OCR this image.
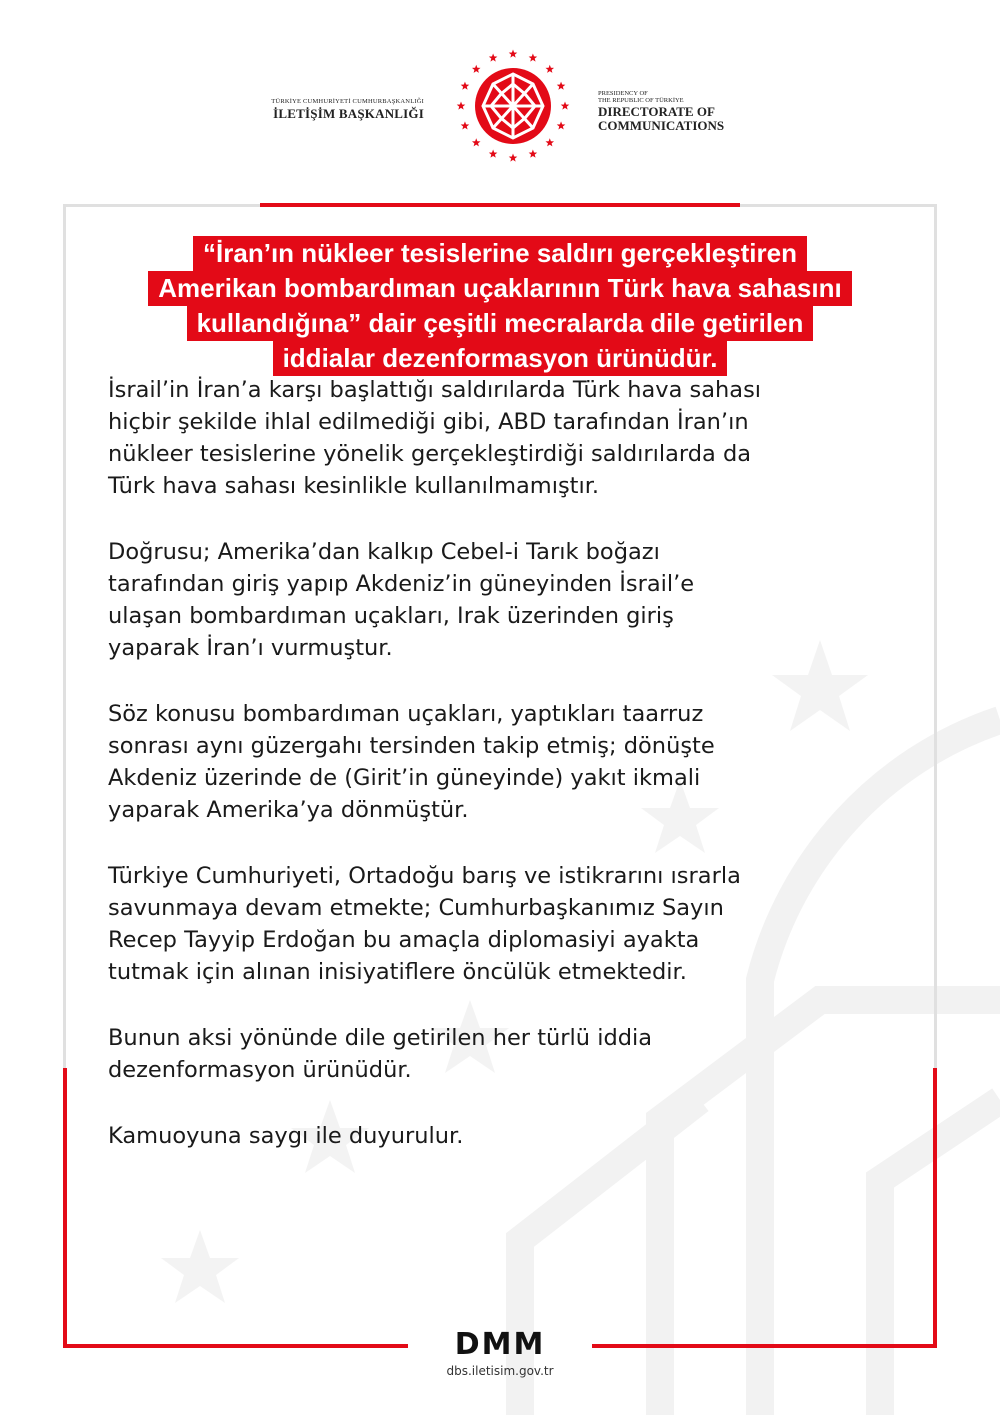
TÜRKİYE CUMHURİYETİ CUMHURBAŞKANLIĞI
İLETİŞİM BAŞKANLIĞI
PRESIDENCY OF
THE REPUBLIC OF TÜRKİYE
DIRECTORATE OF
COMMUNICATIONS
“İran’ın nükleer tesislerine saldırı gerçekleştiren
Amerikan bombardıman uçaklarının Türk hava sahasını
kullandığına” dair çeşitli mecralarda dile getirilen
iddialar dezenformasyon ürünüdür.

İsrail’in İran’a karşı başlattığı saldırılarda Türk hava sahası
hiçbir şekilde ihlal edilmediği gibi, ABD tarafından İran’ın
nükleer tesislerine yönelik gerçekleştirdiği saldırılarda da
Türk hava sahası kesinlikle kullanılmamıştır.

Doğrusu; Amerika’dan kalkıp Cebel-i Tarık boğazı
tarafından giriş yapıp Akdeniz’in güneyinden İsrail’e
ulaşan bombardıman uçakları, Irak üzerinden giriş
yaparak İran’ı vurmuştur.

Söz konusu bombardıman uçakları, yaptıkları taarruz
sonrası aynı güzergahı tersinden takip etmiş; dönüşte
Akdeniz üzerinde de (Girit’in güneyinde) yakıt ikmali
yaparak Amerika’ya dönmüştür.

Türkiye Cumhuriyeti, Ortadoğu barış ve istikrarını ısrarla
savunmaya devam etmekte; Cumhurbaşkanımız Sayın
Recep Tayyip Erdoğan bu amaçla diplomasiyi ayakta
tutmak için alınan inisiyatiflere öncülük etmektedir.

Bunun aksi yönünde dile getirilen her türlü iddia
dezenformasyon ürünüdür.

Kamuoyuna saygı ile duyurulur.

DMM
dbs.iletisim.gov.tr
